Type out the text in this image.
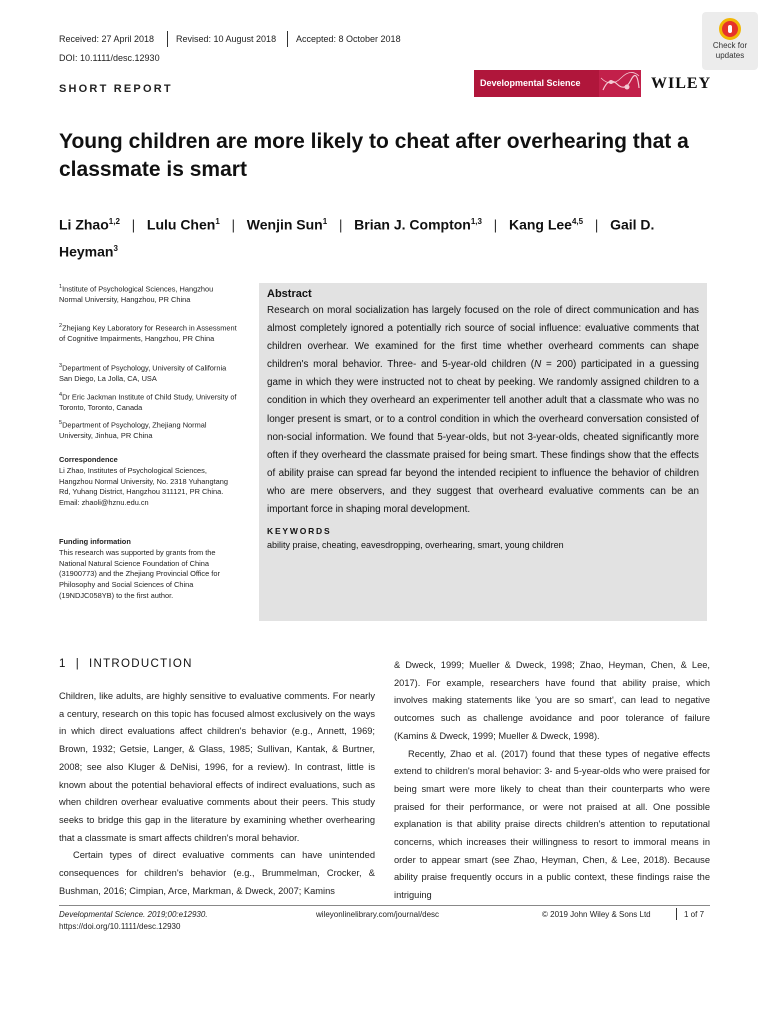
Received: 27 April 2018 Revised: 10 August 2018 Accepted: 8 October 2018
DOI: 10.1111/desc.12930
SHORT REPORT
Check for
updates
Developmental Science	WILEY
Young children are more likely to cheat after overhearing that a classmate is smart
Li Zhao$^{1,2}$   |   Lulu Chen$^1$   |   Wenjin Sun$^1$   |   Brian J. Compton$^{1,3}$   |   Kang Lee$^{4,5}$   |   Gail D. Heyman$^3$
$^1$Institute of Psychological Sciences, Hangzhou Normal University, Hangzhou, PR China
$^2$Zhejiang Key Laboratory for Research in Assessment of Cognitive Impairments, Hangzhou, PR China
$^3$Department of Psychology, University of California San Diego, La Jolla, CA, USA
$^4$Dr Eric Jackman Institute of Child Study, University of Toronto, Toronto, Canada
$^5$Department of Psychology, Zhejiang Normal University, Jinhua, PR China
Correspondence
Li Zhao, Institutes of Psychological Sciences, Hangzhou Normal University, No. 2318 Yuhangtang Rd, Yuhang District, Hangzhou 311121, PR China.
Email: zhaoli@hznu.edu.cn
Funding information
This research was supported by grants from the National Natural Science Foundation of China (31900773) and the Zhejiang Provincial Office for Philosophy and Social Sciences of China (19NDJC058YB) to the first author.
Abstract
Research on moral socialization has largely focused on the role of direct communication and has almost completely ignored a potentially rich source of social influence: evaluative comments that children overhear. We examined for the first time whether overheard comments can shape children's moral behavior. Three- and 5-year-old children (N = 200) participated in a guessing game in which they were instructed not to cheat by peeking. We randomly assigned children to a condition in which they overheard an experimenter tell another adult that a classmate who was no longer present is smart, or to a control condition in which the overheard conversation consisted of non-social information. We found that 5-year-olds, but not 3-year-olds, cheated significantly more often if they overheard the classmate praised for being smart. These findings show that the effects of ability praise can spread far beyond the intended recipient to influence the behavior of children who are mere observers, and they suggest that overheard evaluative comments can be an important force in shaping moral development.
KEYWORDS
ability praise, cheating, eavesdropping, overhearing, smart, young children
1  |  INTRODUCTION

Children, like adults, are highly sensitive to evaluative comments. For nearly a century, research on this topic has focused almost exclusively on the ways in which direct evaluations affect children's behavior (e.g., Annett, 1969; Brown, 1932; Getsie, Langer, & Glass, 1985; Sullivan, Kantak, & Burtner, 2008; see also Kluger & DeNisi, 1996, for a review). In contrast, little is known about the potential behavioral effects of indirect evaluations, such as when children overhear evaluative comments about their peers. This study seeks to bridge this gap in the literature by examining whether overhearing that a classmate is smart affects children's moral behavior.

Certain types of direct evaluative comments can have unintended consequences for children's behavior (e.g., Brummelman, Crocker, & Bushman, 2016; Cimpian, Arce, Markman, & Dweck, 2007; Kamins

& Dweck, 1999; Mueller & Dweck, 1998; Zhao, Heyman, Chen, & Lee, 2017). For example, researchers have found that ability praise, which involves making statements like 'you are so smart', can lead to negative outcomes such as challenge avoidance and poor tolerance of failure (Kamins & Dweck, 1999; Mueller & Dweck, 1998).

Recently, Zhao et al. (2017) found that these types of negative effects extend to children's moral behavior: 3- and 5-year-olds who were praised for being smart were more likely to cheat than their counterparts who were praised for their performance, or were not praised at all. One possible explanation is that ability praise directs children's attention to reputational concerns, which increases their willingness to resort to immoral means in order to appear smart (see Zhao, Heyman, Chen, & Lee, 2018). Because ability praise frequently occurs in a public context, these findings raise the intriguing

Developmental Science. 2019;00:e12930.
https://doi.org/10.1111/desc.12930
wileyonlinelibrary.com/journal/desc	© 2019 John Wiley & Sons Ltd	1 of 7
